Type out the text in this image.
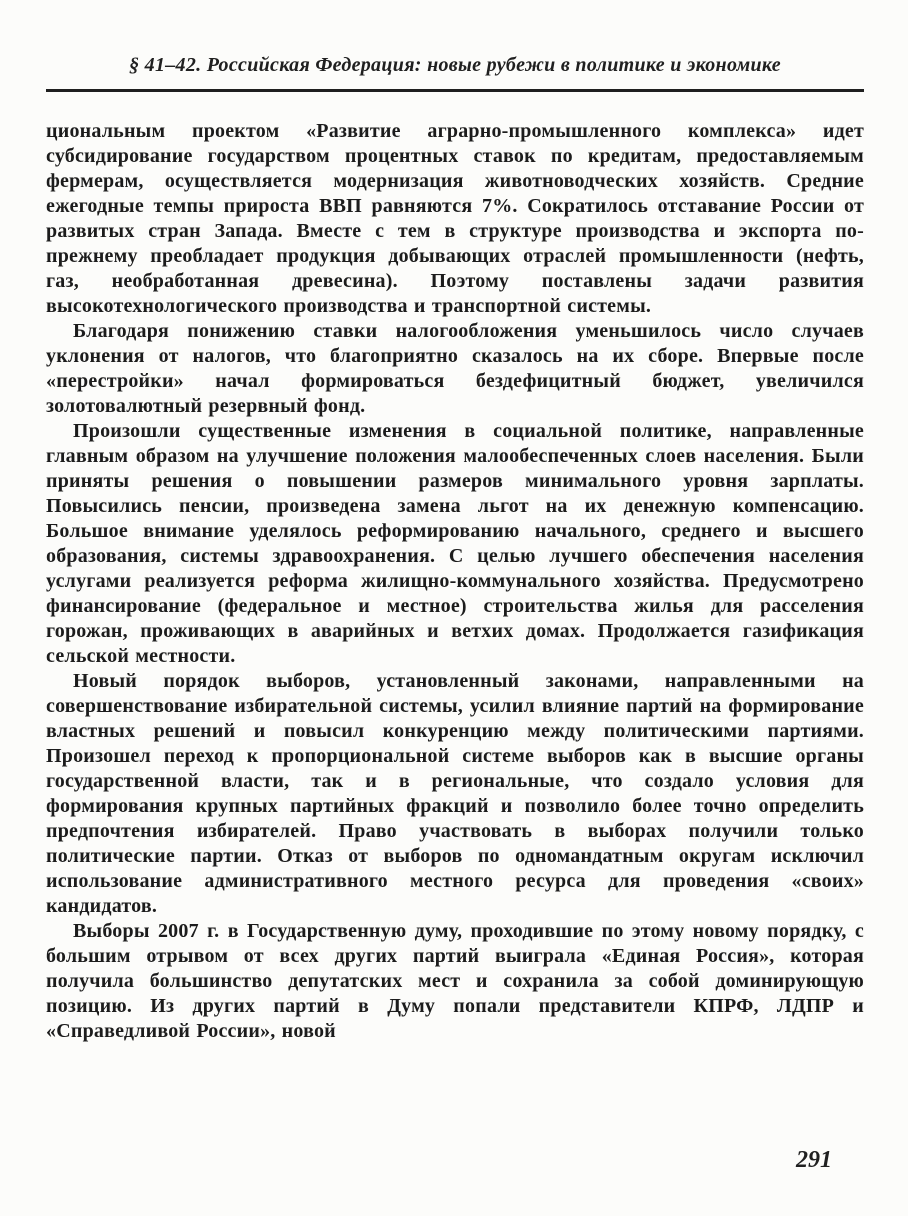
§ 41–42. Российская Федерация: новые рубежи в политике и экономике

циональным проектом «Развитие аграрно-промышленного комплекса» идет субсидирование государством процентных ставок по кредитам, предоставляемым фермерам, осуществляется модернизация животноводческих хозяйств. Средние ежегодные темпы прироста ВВП равняются 7%. Сократилось отставание России от развитых стран Запада. Вместе с тем в структуре производства и экспорта по-прежнему преобладает продукция добывающих отраслей промышленности (нефть, газ, необработанная древесина). Поэтому поставлены задачи развития высокотехнологического производства и транспортной системы.

Благодаря понижению ставки налогообложения уменьшилось число случаев уклонения от налогов, что благоприятно сказалось на их сборе. Впервые после «перестройки» начал формироваться бездефицитный бюджет, увеличился золотовалютный резервный фонд.

Произошли существенные изменения в социальной политике, направленные главным образом на улучшение положения малообеспеченных слоев населения. Были приняты решения о повышении размеров минимального уровня зарплаты. Повысились пенсии, произведена замена льгот на их денежную компенсацию. Большое внимание уделялось реформированию начального, среднего и высшего образования, системы здравоохранения. С целью лучшего обеспечения населения услугами реализуется реформа жилищно-коммунального хозяйства. Предусмотрено финансирование (федеральное и местное) строительства жилья для расселения горожан, проживающих в аварийных и ветхих домах. Продолжается газификация сельской местности.

Новый порядок выборов, установленный законами, направленными на совершенствование избирательной системы, усилил влияние партий на формирование властных решений и повысил конкуренцию между политическими партиями. Произошел переход к пропорциональной системе выборов как в высшие органы государственной власти, так и в региональные, что создало условия для формирования крупных партийных фракций и позволило более точно определить предпочтения избирателей. Право участвовать в выборах получили только политические партии. Отказ от выборов по одномандатным округам исключил использование административного местного ресурса для проведения «своих» кандидатов.

Выборы 2007 г. в Государственную думу, проходившие по этому новому порядку, с большим отрывом от всех других партий выиграла «Единая Россия», которая получила большинство депутатских мест и сохранила за собой доминирующую позицию. Из других партий в Думу попали представители КПРФ, ЛДПР и «Справедливой России», новой

291
